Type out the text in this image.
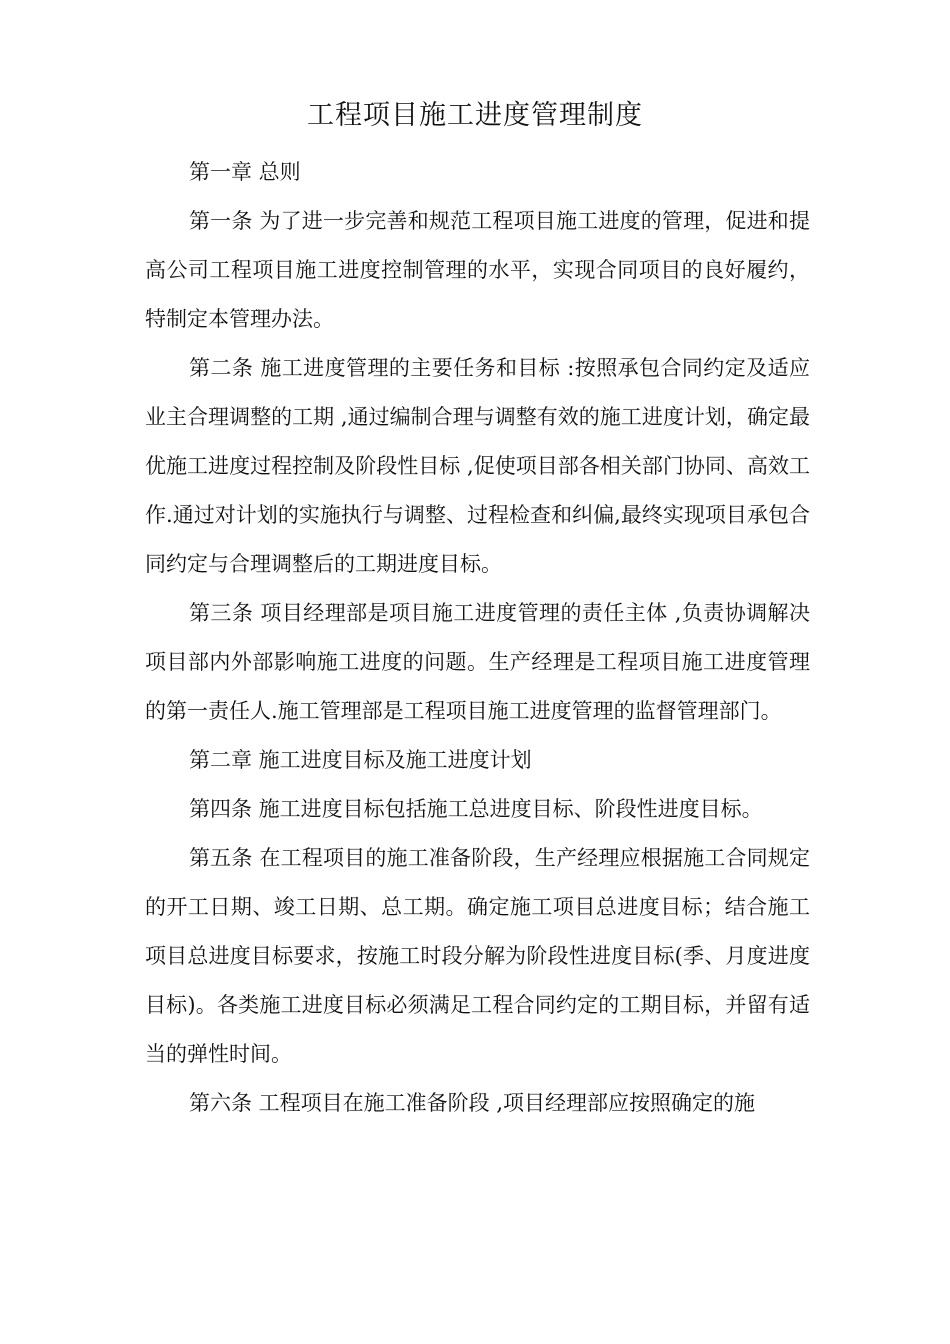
工程项目施工进度管理制度

第一章 总则

第一条 为了进一步完善和规范工程项目施工进度的管理，促进和提高公司工程项目施工进度控制管理的水平，实现合同项目的良好履约，特制定本管理办法。

第二条 施工进度管理的主要任务和目标 :按照承包合同约定及适应业主合理调整的工期 ,通过编制合理与调整有效的施工进度计划，确定最优施工进度过程控制及阶段性目标 ,促使项目部各相关部门协同、高效工作.通过对计划的实施执行与调整、过程检查和纠偏,最终实现项目承包合同约定与合理调整后的工期进度目标。

第三条 项目经理部是项目施工进度管理的责任主体 ,负责协调解决项目部内外部影响施工进度的问题。生产经理是工程项目施工进度管理的第一责任人.施工管理部是工程项目施工进度管理的监督管理部门。

第二章 施工进度目标及施工进度计划

第四条 施工进度目标包括施工总进度目标、阶段性进度目标。

第五条 在工程项目的施工准备阶段，生产经理应根据施工合同规定的开工日期、竣工日期、总工期。确定施工项目总进度目标；结合施工项目总进度目标要求，按施工时段分解为阶段性进度目标(季、月度进度目标)。各类施工进度目标必须满足工程合同约定的工期目标，并留有适当的弹性时间。

第六条 工程项目在施工准备阶段 ,项目经理部应按照确定的施
